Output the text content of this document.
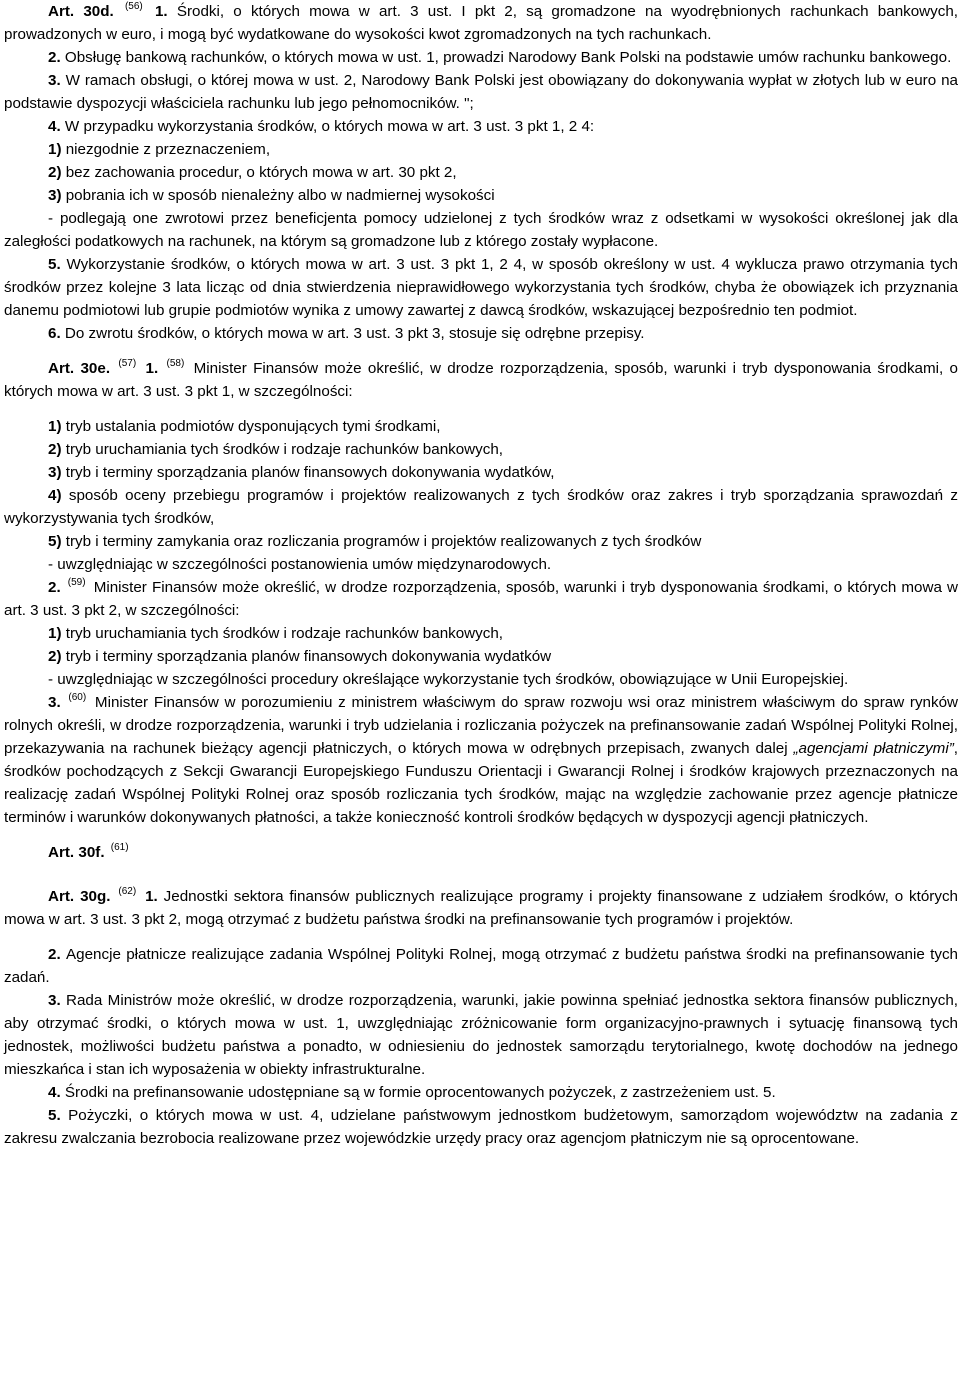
Art. 30d. $^{(56)}$ 1. Środki, o których mowa w art. 3 ust. I pkt 2, są gromadzone na wyodrębnionych rachunkach bankowych, prowadzonych w euro, i mogą być wydatkowane do wysokości kwot zgromadzonych na tych rachunkach.

2. Obsługę bankową rachunków, o których mowa w ust. 1, prowadzi Narodowy Bank Polski na podstawie umów rachunku bankowego.

3. W ramach obsługi, o której mowa w ust. 2, Narodowy Bank Polski jest obowiązany do dokonywania wypłat w złotych lub w euro na podstawie dyspozycji właściciela rachunku lub jego pełnomocników. ";

4. W przypadku wykorzystania środków, o których mowa w art. 3 ust. 3 pkt 1, 2 4:

1) niezgodnie z przeznaczeniem,

2) bez zachowania procedur, o których mowa w art. 30 pkt 2,

3) pobrania ich w sposób nienależny albo w nadmiernej wysokości

- podlegają one zwrotowi przez beneficjenta pomocy udzielonej z tych środków wraz z odsetkami w wysokości określonej jak dla zaległości podatkowych na rachunek, na którym są gromadzone lub z którego zostały wypłacone.

5. Wykorzystanie środków, o których mowa w art. 3 ust. 3 pkt 1, 2 4, w sposób określony w ust. 4 wyklucza prawo otrzymania tych środków przez kolejne 3 lata licząc od dnia stwierdzenia nieprawidłowego wykorzystania tych środków, chyba że obowiązek ich przyznania danemu podmiotowi lub grupie podmiotów wynika z umowy zawartej z dawcą środków, wskazującej bezpośrednio ten podmiot.

6. Do zwrotu środków, o których mowa w art. 3 ust. 3 pkt 3, stosuje się odrębne przepisy.

Art. 30e. $^{(57)}$ 1. $^{(58)}$ Minister Finansów może określić, w drodze rozporządzenia, sposób, warunki i tryb dysponowania środkami, o których mowa w art. 3 ust. 3 pkt 1, w szczególności:

1) tryb ustalania podmiotów dysponujących tymi środkami,

2) tryb uruchamiania tych środków i rodzaje rachunków bankowych,

3) tryb i terminy sporządzania planów finansowych dokonywania wydatków,

4) sposób oceny przebiegu programów i projektów realizowanych z tych środków oraz zakres i tryb sporządzania sprawozdań z wykorzystywania tych środków,

5) tryb i terminy zamykania oraz rozliczania programów i projektów realizowanych z tych środków

- uwzględniając w szczególności postanowienia umów międzynarodowych.

2. $^{(59)}$ Minister Finansów może określić, w drodze rozporządzenia, sposób, warunki i tryb dysponowania środkami, o których mowa w art. 3 ust. 3 pkt 2, w szczególności:

1) tryb uruchamiania tych środków i rodzaje rachunków bankowych,

2) tryb i terminy sporządzania planów finansowych dokonywania wydatków

- uwzględniając w szczególności procedury określające wykorzystanie tych środków, obowiązujące w Unii Europejskiej.

3. $^{(60)}$ Minister Finansów w porozumieniu z ministrem właściwym do spraw rozwoju wsi oraz ministrem właściwym do spraw rynków rolnych określi, w drodze rozporządzenia, warunki i tryb udzielania i rozliczania pożyczek na prefinansowanie zadań Wspólnej Polityki Rolnej, przekazywania na rachunek bieżący agencji płatniczych, o których mowa w odrębnych przepisach, zwanych dalej „agencjami płatniczymi”, środków pochodzących z Sekcji Gwarancji Europejskiego Funduszu Orientacji i Gwarancji Rolnej i środków krajowych przeznaczonych na realizację zadań Wspólnej Polityki Rolnej oraz sposób rozliczania tych środków, mając na względzie zachowanie przez agencje płatnicze terminów i warunków dokonywanych płatności, a także konieczność kontroli środków będących w dyspozycji agencji płatniczych.

Art. 30f. $^{(61)}$

Art. 30g. $^{(62)}$ 1. Jednostki sektora finansów publicznych realizujące programy i projekty finansowane z udziałem środków, o których mowa w art. 3 ust. 3 pkt 2, mogą otrzymać z budżetu państwa środki na prefinansowanie tych programów i projektów.

2. Agencje płatnicze realizujące zadania Wspólnej Polityki Rolnej, mogą otrzymać z budżetu państwa środki na prefinansowanie tych zadań.

3. Rada Ministrów może określić, w drodze rozporządzenia, warunki, jakie powinna spełniać jednostka sektora finansów publicznych, aby otrzymać środki, o których mowa w ust. 1, uwzględniając zróżnicowanie form organizacyjno-prawnych i sytuację finansową tych jednostek, możliwości budżetu państwa a ponadto, w odniesieniu do jednostek samorządu terytorialnego, kwotę dochodów na jednego mieszkańca i stan ich wyposażenia w obiekty infrastrukturalne.

4. Środki na prefinansowanie udostępniane są w formie oprocentowanych pożyczek, z zastrzeżeniem ust. 5.

5. Pożyczki, o których mowa w ust. 4, udzielane państwowym jednostkom budżetowym, samorządom województw na zadania z zakresu zwalczania bezrobocia realizowane przez wojewódzkie urzędy pracy oraz agencjom płatniczym nie są oprocentowane.
